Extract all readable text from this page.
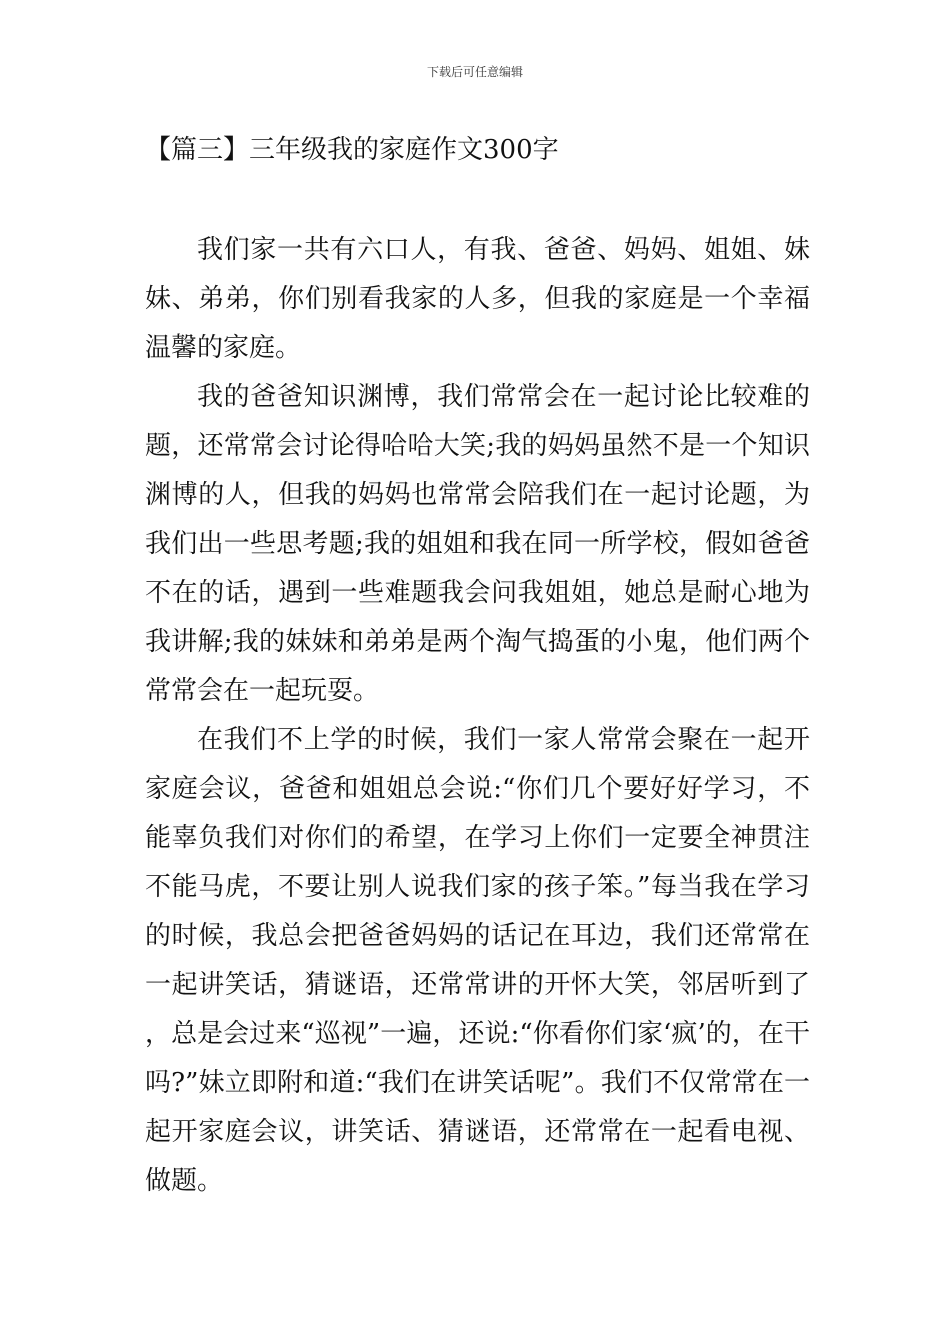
下载后可任意编辑
【篇三】三年级我的家庭作文300字

我们家一共有六口人，有我、爸爸、妈妈、姐姐、妹妹、弟弟，你们别看我家的人多，但我的家庭是一个幸福温馨的家庭。

我的爸爸知识渊博，我们常常会在一起讨论比较难的题，还常常会讨论得哈哈大笑;我的妈妈虽然不是一个知识渊博的人，但我的妈妈也常常会陪我们在一起讨论题，为我们出一些思考题;我的姐姐和我在同一所学校，假如爸爸不在的话，遇到一些难题我会问我姐姐，她总是耐心地为我讲解;我的妹妹和弟弟是两个淘气捣蛋的小鬼，他们两个常常会在一起玩耍。

在我们不上学的时候，我们一家人常常会聚在一起开家庭会议，爸爸和姐姐总会说:“你们几个要好好学习，不能辜负我们对你们的希望，在学习上你们一定要全神贯注不能马虎，不要让别人说我们家的孩子笨。”每当我在学习的时候，我总会把爸爸妈妈的话记在耳边，我们还常常在一起讲笑话，猜谜语，还常常讲的开怀大笑，邻居听到了，总是会过来“巡视”一遍，还说:“你看你们家‘疯’的，在干吗?”妹立即附和道:“我们在讲笑话呢”。我们不仅常常在一起开家庭会议，讲笑话、猜谜语，还常常在一起看电视、做题。
